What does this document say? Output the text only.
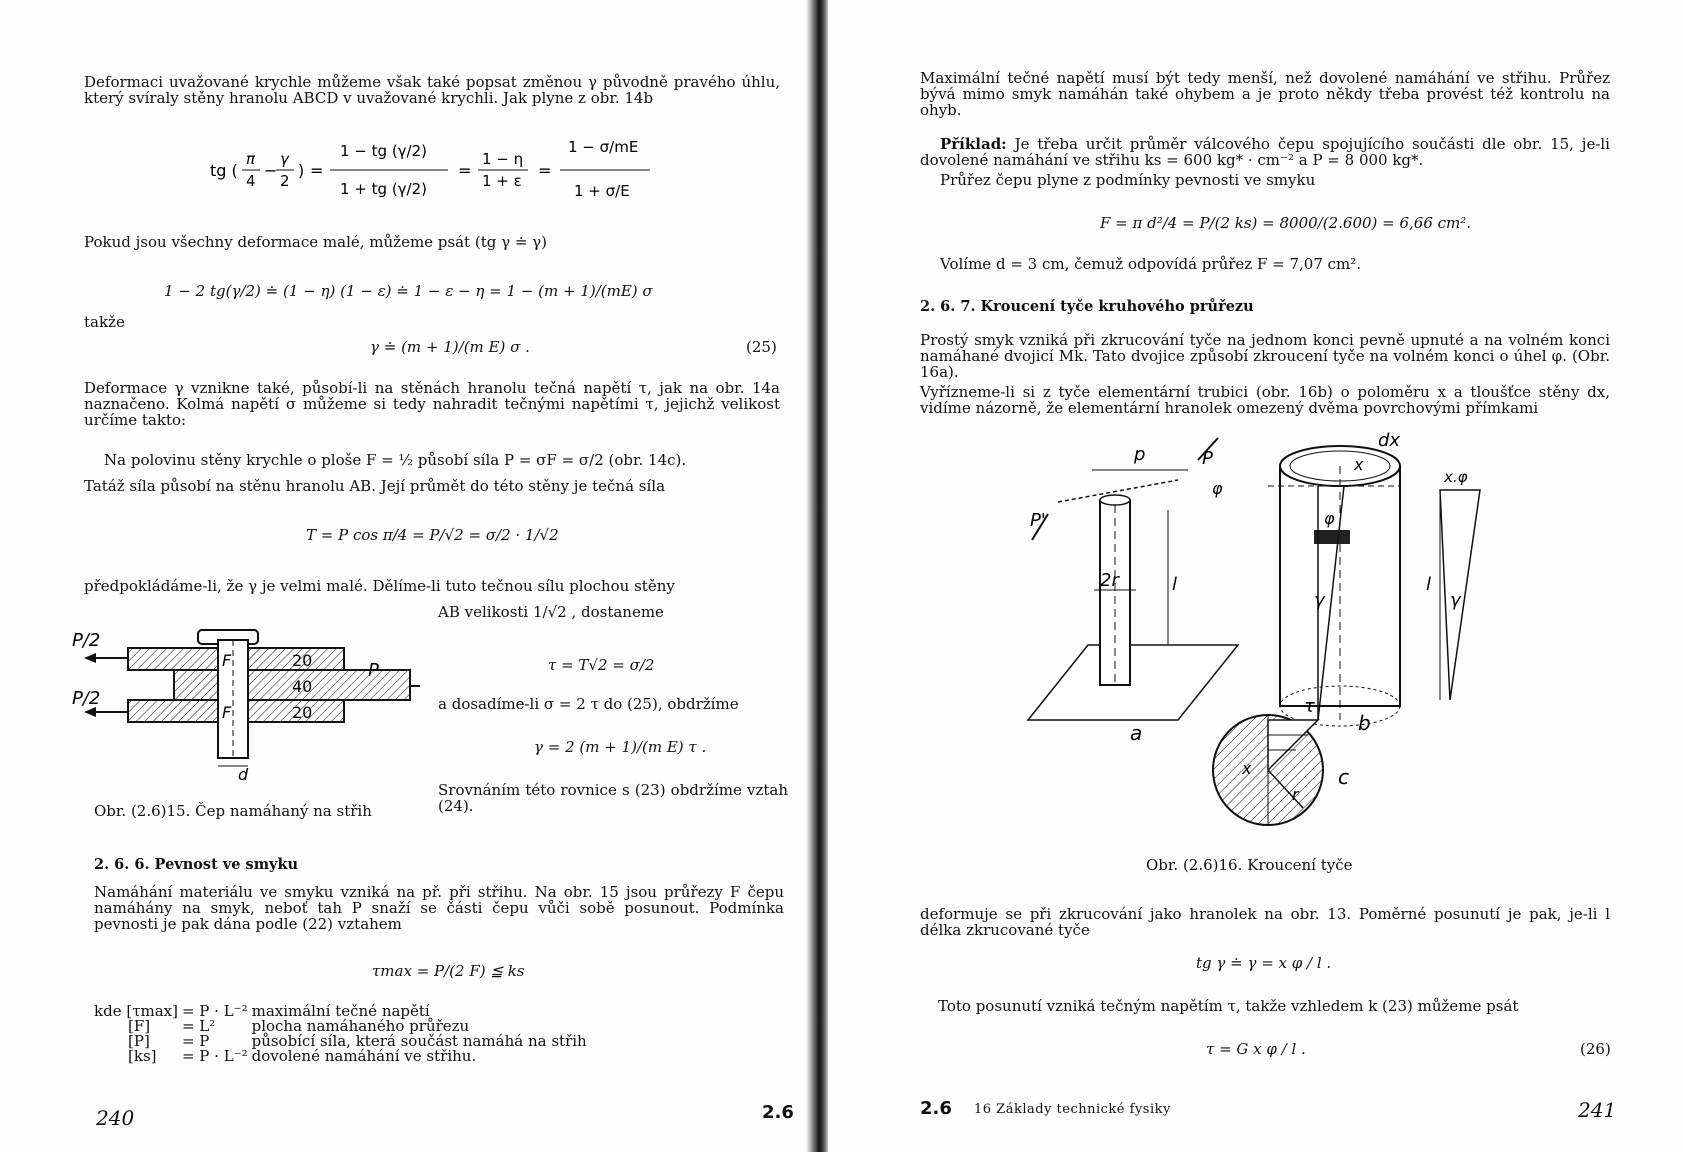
Deformaci uvažované krychle můžeme však také popsat změnou γ původně pravého úhlu, který svíraly stěny hranolu ABCD v uvažované krychli. Jak plyne z obr. 14b
tg (
π
4
−
γ
2
) =
1 − tg (γ/2)
1 + tg (γ/2)
=
1 − η
1 + ε
=
1 − σ/mE
1 + σ/E
Pokud jsou všechny deformace malé, můžeme psát (tg γ ≐ γ)
1 − 2 tg(γ/2) ≐ (1 − η) (1 − ε) ≐ 1 − ε − η = 1 − (m + 1)/(mE) σ
takže
γ ≐ (m + 1)/(m E) σ .	(25)
Deformace γ vznikne také, působí-li na stěnách hranolu tečná napětí τ, jak na obr. 14a naznačeno. Kolmá napětí σ můžeme si tedy nahradit tečnými napětími τ, jejichž velikost určíme takto:
Na polovinu stěny krychle o ploše F = ½ působí síla P = σF = σ/2 (obr. 14c).
Tatáž síla působí na stěnu hranolu AB. Její průmět do této stěny je tečná síla
T = P cos π/4 = P/√2 = σ/2 · 1/√2
předpokládáme-li, že γ je velmi malé. Dělíme-li tuto tečnou sílu plochou stěny
AB velikosti 1/√2 , dostaneme
τ = T√2 = σ/2
a dosadíme-li σ = 2 τ do (25), obdržíme
γ = 2 (m + 1)/(m E) τ .
Srovnáním této rovnice s (23) obdržíme vztah (24).
P/2
P/2
P
F
F
d
20
40
20
Obr. (2.6)15. Čep namáhaný na střih
2. 6. 6. Pevnost ve smyku
Namáhání materiálu ve smyku vzniká na př. při střihu. Na obr. 15 jsou průřezy F čepu namáhány na smyk, neboť tah P snaží se části čepu vůči sobě posunout. Podmínka pevnosti je pak dána podle (22) vztahem
τmax = P/(2 F) ≦ ks
kde [τmax]	= P · L⁻²	maximální tečné napětí
[F]	= L²	plocha namáhaného průřezu
[P]	= P	působící síla, která součást namáhá na střih
[ks]	= P · L⁻²	dovolené namáhání ve střihu.
240	2.6
Maximální tečné napětí musí být tedy menší, než dovolené namáhání ve střihu. Průřez bývá mimo smyk namáhán také ohybem a je proto někdy třeba provést též kontrolu na ohyb.
Příklad: Je třeba určit průměr válcového čepu spojujícího součásti dle obr. 15, je-li dovolené namáhání ve střihu ks = 600 kg* · cm⁻² a P = 8 000 kg*.
Průřez čepu plyne z podmínky pevnosti ve smyku
F = π d²/4 = P/(2 ks) = 8000/(2.600) = 6,66 cm².
Volíme d = 3 cm, čemuž odpovídá průřez F = 7,07 cm².
2. 6. 7. Kroucení tyče kruhového průřezu
Prostý smyk vzniká při zkrucování tyče na jednom konci pevně upnuté a na volném konci namáhané dvojicí Mk. Tato dvojice způsobí zkroucení tyče na volném konci o úhel φ. (Obr. 16a).
Vyřízneme-li si z tyče elementární trubici (obr. 16b) o poloměru x a tloušťce stěny dx, vidíme názorně, že elementární hranolek omezený dvěma povrchovými přímkami
a	b
c
p	P
P'
2r	l	l
dx
x
x.φ
γ	γ
φ
φ
τ
x
r
Obr. (2.6)16. Kroucení tyče
deformuje se při zkrucování jako hranolek na obr. 13. Poměrné posunutí je pak, je-li l délka zkrucované tyče
tg γ ≐ γ = x φ / l .
Toto posunutí vzniká tečným napětím τ, takže vzhledem k (23) můžeme psát
τ = G x φ / l .	(26)
2.6 16 Základy technické fysiky	241
